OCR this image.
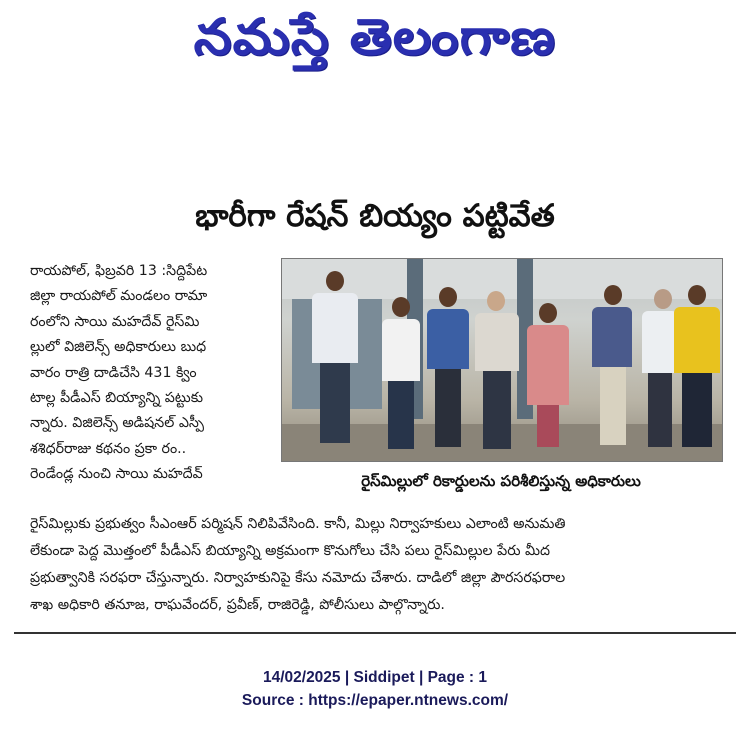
నమస్తే తెలంగాణ
భారీగా రేషన్ బియ్యం పట్టివేత
రాయపోల్, ఫిబ్రవరి 13 :సిద్దిపేట
జిల్లా రాయపోల్ మండలం రామా
రంలోని సాయి మహదేవ్ రైస్‌మి
ల్లులో విజిలెన్స్ అధికారులు బుధ
వారం రాత్రి దాడిచేసి 431 క్విం
టాల్ల పీడీఎస్ బియ్యాన్ని పట్టుకు
న్నారు. విజిలెన్స్ అడిషనల్ ఎస్పీ
శశిధర్‌రాజు కథనం ప్రకా రం..
రెండేండ్ల నుంచి సాయి మహదేవ్	రైస్‌మిల్లులో రికార్డులను పరిశీలిస్తున్న అధికారులు
రైస్‌మిల్లుకు ప్రభుత్వం సీఎంఆర్ పర్మిషన్ నిలిపివేసింది. కానీ, మిల్లు నిర్వాహకులు ఎలాంటి అనుమతి
లేకుండా పెద్ద మొత్తంలో పీడీఎస్ బియ్యాన్ని అక్రమంగా కొనుగోలు చేసి పలు రైస్‌మిల్లుల పేరు మీద
ప్రభుత్వానికి సరఫరా చేస్తున్నారు. నిర్వాహకునిపై కేసు నమోదు చేశారు. దాడిలో జిల్లా పౌరసరఫరాల
శాఖ అధికారి తనూజ, రాఘవేందర్, ప్రవీణ్, రాజిరెడ్డి, పోలీసులు పాల్గొన్నారు.
14/02/2025 | Siddipet | Page : 1
Source : https://epaper.ntnews.com/
